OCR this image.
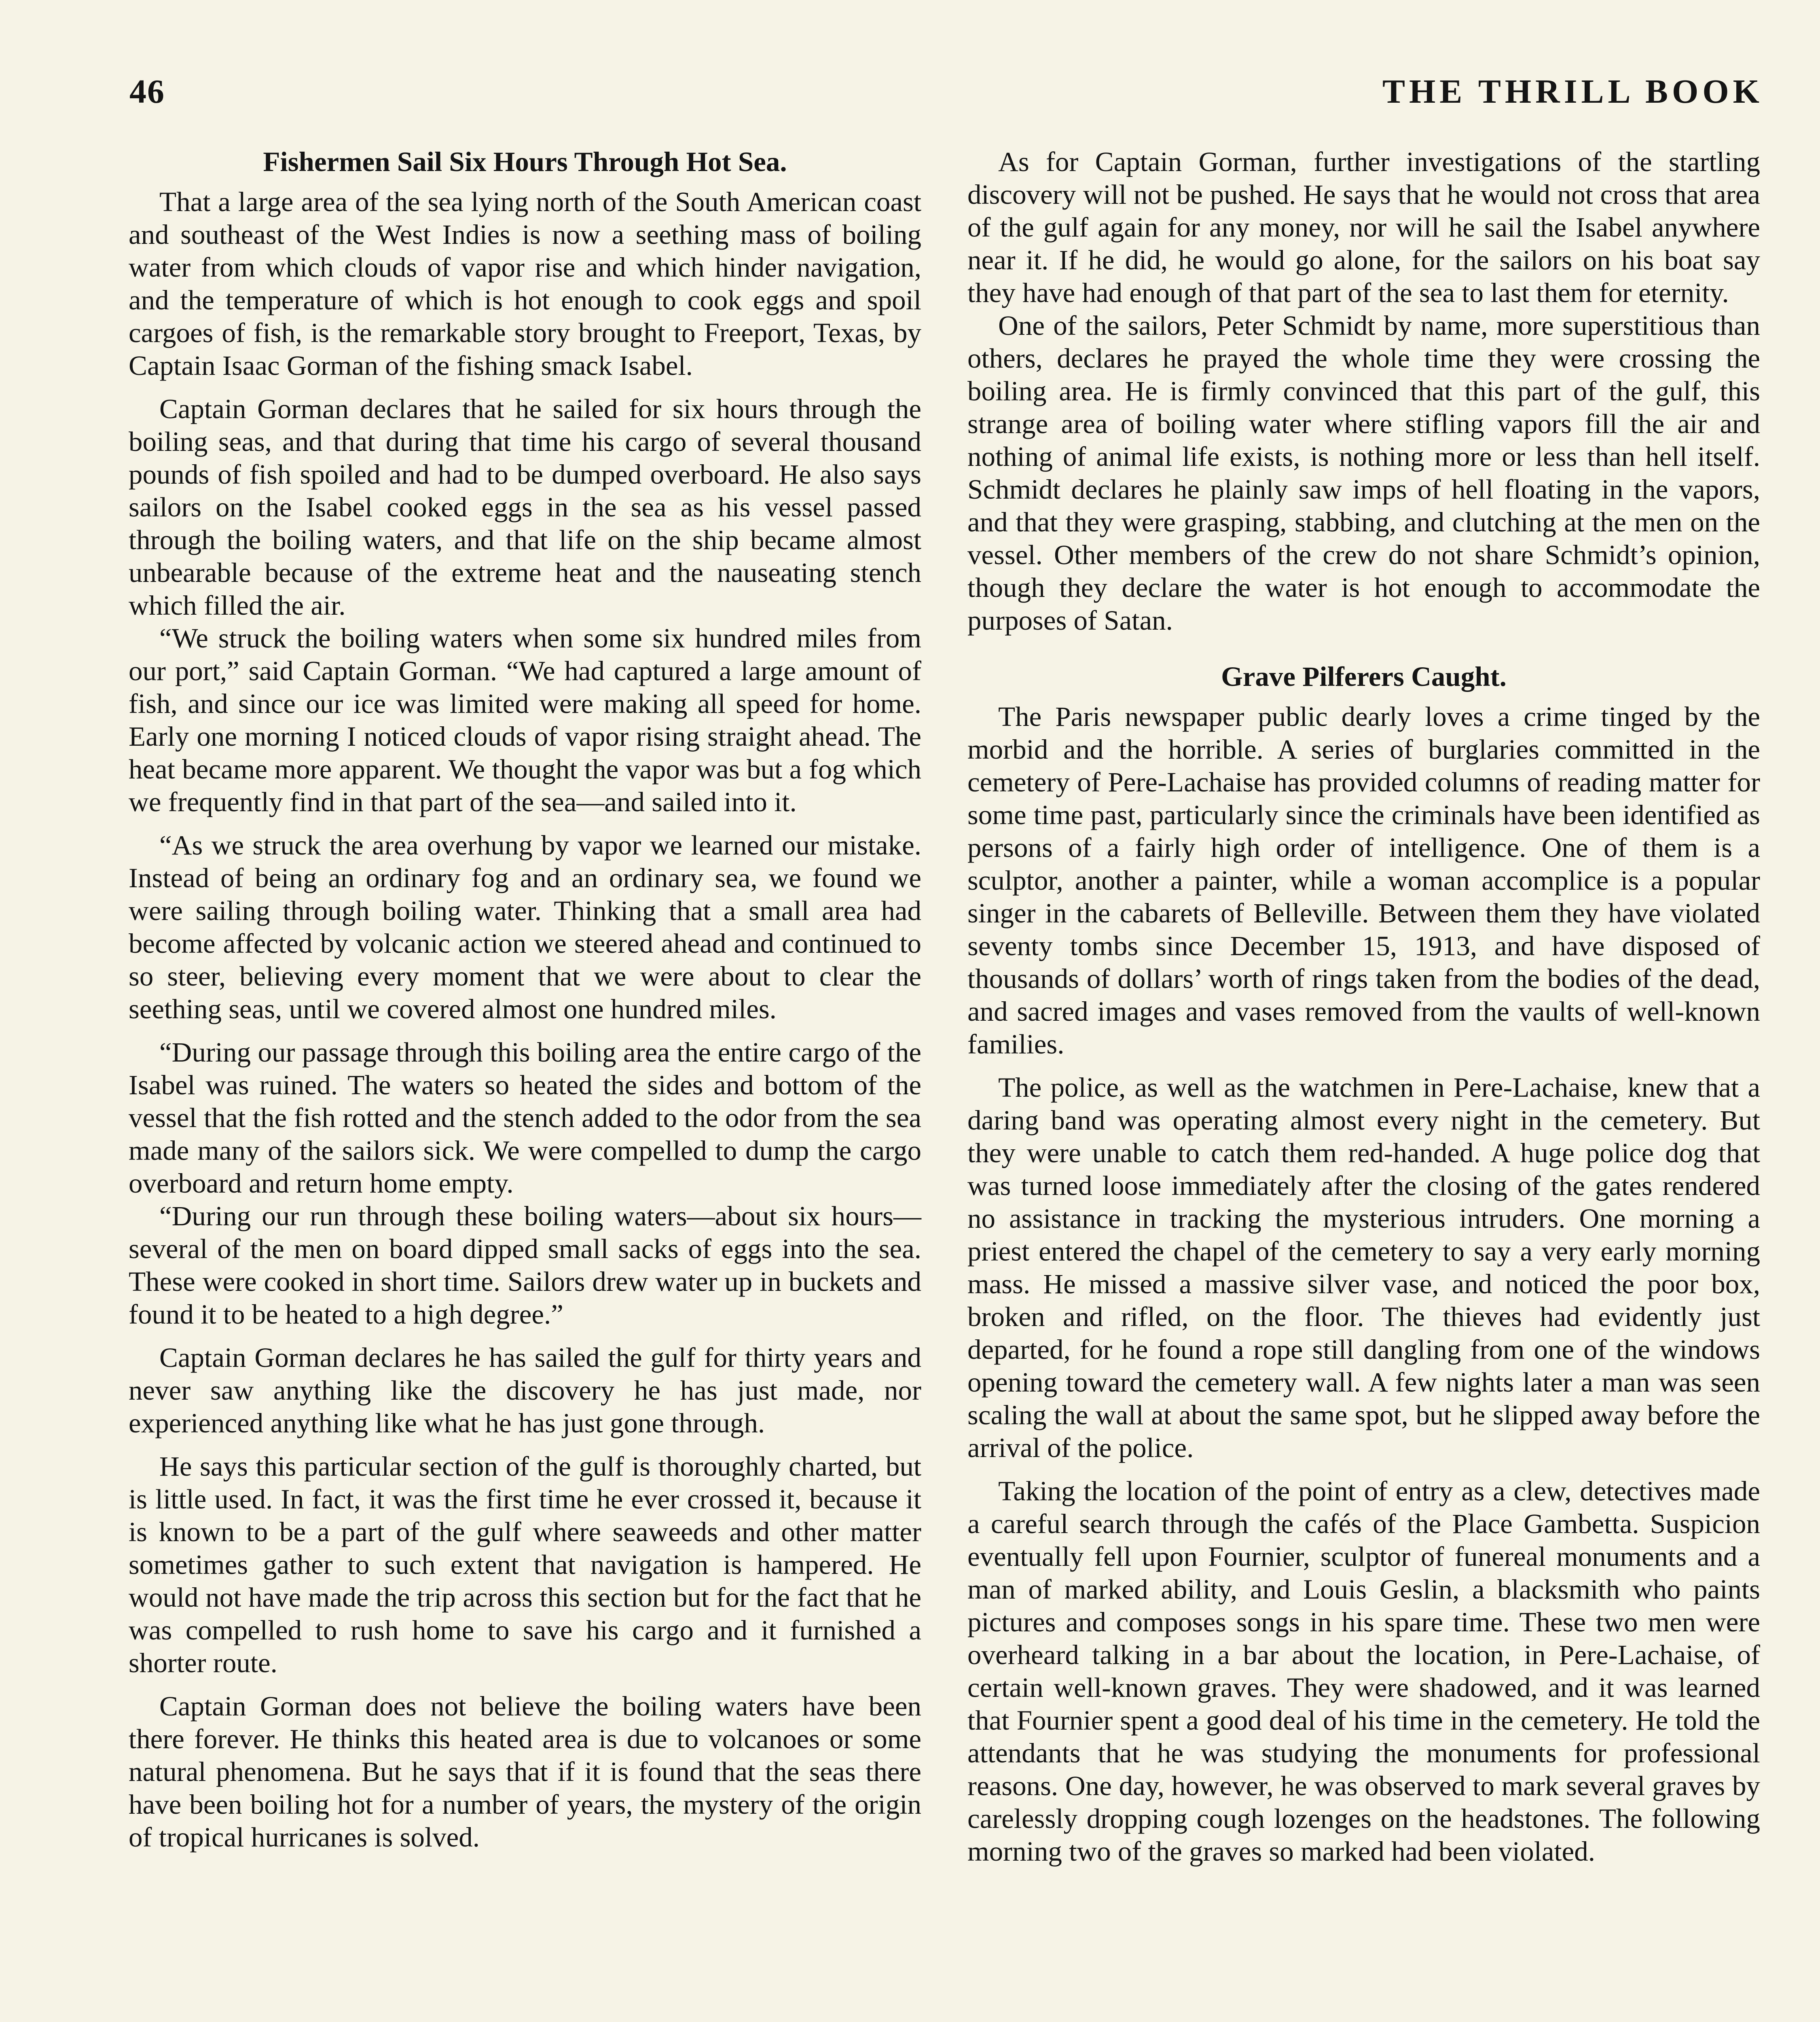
46	THE THRILL BOOK
Fishermen Sail Six Hours Through Hot Sea.

That a large area of the sea lying north of the South American coast and southeast of the West Indies is now a seething mass of boiling water from which clouds of vapor rise and which hinder navigation, and the temperature of which is hot enough to cook eggs and spoil cargoes of fish, is the remarkable story brought to Freeport, Texas, by Captain Isaac Gorman of the fishing smack Isabel.

Captain Gorman declares that he sailed for six hours through the boiling seas, and that during that time his cargo of several thousand pounds of fish spoiled and had to be dumped overboard. He also says sailors on the Isabel cooked eggs in the sea as his vessel passed through the boiling waters, and that life on the ship became almost unbearable because of the extreme heat and the nauseating stench which filled the air.

“We struck the boiling waters when some six hundred miles from our port,” said Captain Gorman. “We had captured a large amount of fish, and since our ice was limited were making all speed for home. Early one morning I noticed clouds of vapor rising straight ahead. The heat became more apparent. We thought the vapor was but a fog which we frequently find in that part of the sea—and sailed into it.

“As we struck the area overhung by vapor we learned our mistake. Instead of being an ordinary fog and an ordinary sea, we found we were sailing through boiling water. Thinking that a small area had become affected by volcanic action we steered ahead and continued to so steer, believing every moment that we were about to clear the seething seas, until we covered almost one hundred miles.

“During our passage through this boiling area the entire cargo of the Isabel was ruined. The waters so heated the sides and bottom of the vessel that the fish rotted and the stench added to the odor from the sea made many of the sailors sick. We were compelled to dump the cargo overboard and return home empty.

“During our run through these boiling waters—about six hours—several of the men on board dipped small sacks of eggs into the sea. These were cooked in short time. Sailors drew water up in buckets and found it to be heated to a high degree.”

Captain Gorman declares he has sailed the gulf for thirty years and never saw anything like the discovery he has just made, nor experienced anything like what he has just gone through.

He says this particular section of the gulf is thoroughly charted, but is little used. In fact, it was the first time he ever crossed it, because it is known to be a part of the gulf where seaweeds and other matter sometimes gather to such extent that navigation is hampered. He would not have made the trip across this section but for the fact that he was compelled to rush home to save his cargo and it furnished a shorter route.

Captain Gorman does not believe the boiling waters have been there forever. He thinks this heated area is due to volcanoes or some natural phenomena. But he says that if it is found that the seas there have been boiling hot for a number of years, the mystery of the origin of tropical hurricanes is solved.

As for Captain Gorman, further investigations of the startling discovery will not be pushed. He says that he would not cross that area of the gulf again for any money, nor will he sail the Isabel anywhere near it. If he did, he would go alone, for the sailors on his boat say they have had enough of that part of the sea to last them for eternity.

One of the sailors, Peter Schmidt by name, more superstitious than others, declares he prayed the whole time they were crossing the boiling area. He is firmly convinced that this part of the gulf, this strange area of boiling water where stifling vapors fill the air and nothing of animal life exists, is nothing more or less than hell itself. Schmidt declares he plainly saw imps of hell floating in the vapors, and that they were grasping, stabbing, and clutching at the men on the vessel. Other members of the crew do not share Schmidt’s opinion, though they declare the water is hot enough to accommodate the purposes of Satan.

Grave Pilferers Caught.

The Paris newspaper public dearly loves a crime tinged by the morbid and the horrible. A series of burglaries committed in the cemetery of Pere-Lachaise has provided columns of reading matter for some time past, particularly since the criminals have been identified as persons of a fairly high order of intelligence. One of them is a sculptor, another a painter, while a woman accomplice is a popular singer in the cabarets of Belleville. Between them they have violated seventy tombs since December 15, 1913, and have disposed of thousands of dollars’ worth of rings taken from the bodies of the dead, and sacred images and vases removed from the vaults of well-known families.

The police, as well as the watchmen in Pere-Lachaise, knew that a daring band was operating almost every night in the cemetery. But they were unable to catch them red-handed. A huge police dog that was turned loose immediately after the closing of the gates rendered no assistance in tracking the mysterious intruders. One morning a priest entered the chapel of the cemetery to say a very early morning mass. He missed a massive silver vase, and noticed the poor box, broken and rifled, on the floor. The thieves had evidently just departed, for he found a rope still dangling from one of the windows opening toward the cemetery wall. A few nights later a man was seen scaling the wall at about the same spot, but he slipped away before the arrival of the police.

Taking the location of the point of entry as a clew, detectives made a careful search through the cafés of the Place Gambetta. Suspicion eventually fell upon Fournier, sculptor of funereal monuments and a man of marked ability, and Louis Geslin, a blacksmith who paints pictures and composes songs in his spare time. These two men were overheard talking in a bar about the location, in Pere-Lachaise, of certain well-known graves. They were shadowed, and it was learned that Fournier spent a good deal of his time in the cemetery. He told the attendants that he was studying the monuments for professional reasons. One day, however, he was observed to mark several graves by carelessly dropping cough lozenges on the headstones. The following morning two of the graves so marked had been violated.
